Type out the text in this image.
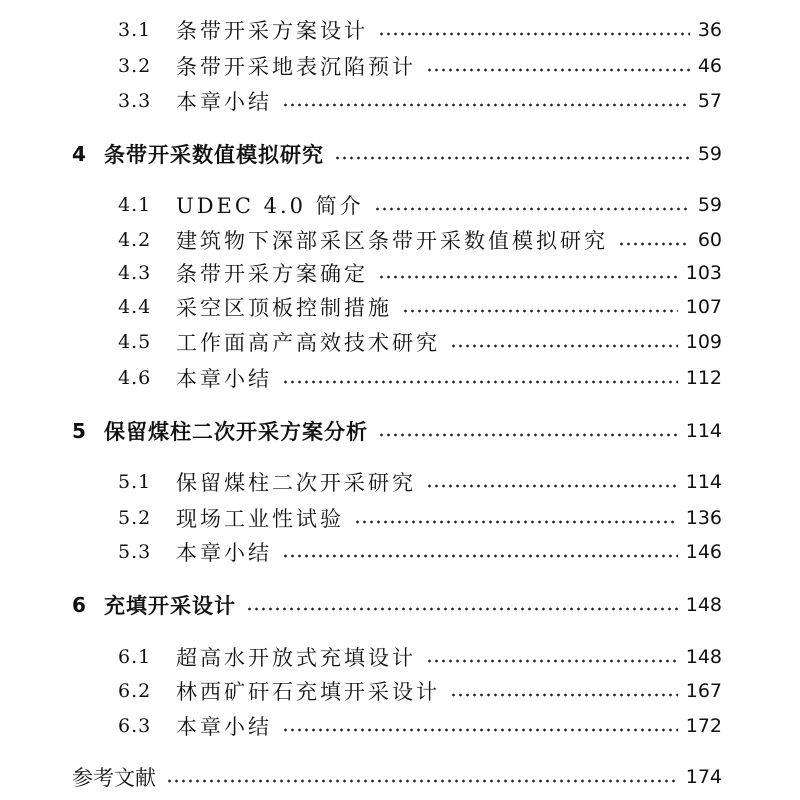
3.1	条带开采方案设计	36
3.2	条带开采地表沉陷预计	46
3.3	本章小结	57
4 条带开采数值模拟研究	59
4.1	UDEC 4.0 简介	59
4.2	建筑物下深部采区条带开采数值模拟研究	60
4.3	条带开采方案确定	103
4.4	采空区顶板控制措施	107
4.5	工作面高产高效技术研究	109
4.6	本章小结	112
5 保留煤柱二次开采方案分析	114
5.1	保留煤柱二次开采研究	114
5.2	现场工业性试验	136
5.3	本章小结	146
6 充填开采设计	148
6.1	超高水开放式充填设计	148
6.2	林西矿矸石充填开采设计	167
6.3	本章小结	172
参考文献	174
